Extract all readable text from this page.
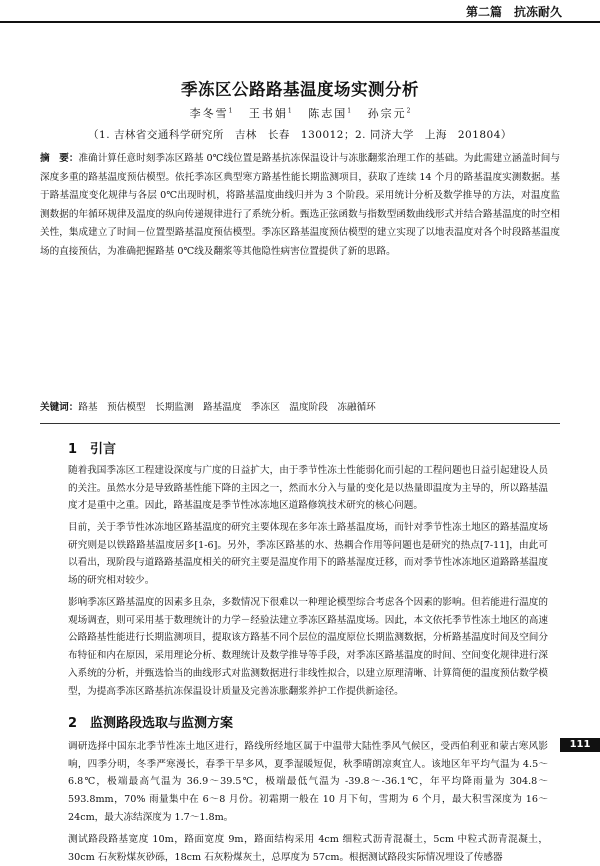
第二篇　抗冻耐久
季冻区公路路基温度场实测分析
李冬雪$^1$ 王书娟$^1$ 陈志国$^1$ 孙宗元$^2$
（1. 吉林省交通科学研究所　吉林　长春　130012；2. 同济大学　上海　201804）
摘　要：准确计算任意时刻季冻区路基 0℃线位置是路基抗冻保温设计与冻胀翻浆治理工作的基础。为此需建立涵盖时间与深度多重的路基温度预估模型。依托季冻区典型寒方路基性能长期监测项目，获取了连续 14 个月的路基温度实测数据。基于路基温度变化规律与各层 0℃出现时机，将路基温度曲线归并为 3 个阶段。采用统计分析及数学推导的方法，对温度监测数据的年循环规律及温度的纵向传递规律进行了系统分析。甄选正弦函数与指数型函数曲线形式并结合路基温度的时空相关性，集成建立了时间－位置型路基温度预估模型。季冻区路基温度预估模型的建立实现了以地表温度对各个时段路基温度场的直接预估，为准确把握路基 0℃线及翻浆等其他隐性病害位置提供了新的思路。
关键词：路基　预估模型　长期监测　路基温度　季冻区　温度阶段　冻融循环
1　引言
随着我国季冻区工程建设深度与广度的日益扩大，由于季节性冻土性能弱化而引起的工程问题也日益引起建设人员的关注。虽然水分是导致路基性能下降的主因之一，然而水分入与量的变化是以热量即温度为主导的，所以路基温度才是重中之重。因此，路基温度是季节性冰冻地区道路修筑技术研究的核心问题。
目前，关于季节性冰冻地区路基温度的研究主要体现在多年冻土路基温度场，而针对季节性冻土地区的路基温度场研究则是以铁路路基温度居多[1-6]。另外，季冻区路基的水、热耦合作用等问题也是研究的热点[7-11]，由此可以看出，现阶段与道路路基温度相关的研究主要是温度作用下的路基湿度迁移，而对季节性冰冻地区道路路基温度场的研究相对较少。
影响季冻区路基温度的因素多且杂，多数情况下很难以一种理论模型综合考虑各个因素的影响。但若能进行温度的观场调查，则可采用基于数理统计的力学－经验法建立季冻区路基温度场。因此，本文依托季节性冻土地区的高速公路路基性能进行长期监测项目，提取该方路基不同个层位的温度原位长期监测数据，分析路基温度时间及空间分布特征和内在原因，采用理论分析、数理统计及数学推导等手段，对季冻区路基温度的时间、空间变化规律进行深入系统的分析，并甄选恰当的曲线形式对监测数据进行非线性拟合，以建立原理清晰、计算简便的温度预估数学模型，为提高季冻区路基抗冻保温设计质量及完善冻胀翻浆养护工作提供新途径。
2　监测路段选取与监测方案
111
调研选择中国东北季节性冻土地区进行，路线所经地区属于中温带大陆性季风气候区，受西伯利亚和蒙古寒风影响，四季分明，冬季严寒漫长，春季干旱多风，夏季湿暖短促，秋季晴朗凉爽宜人。该地区年平均气温为 4.5～6.8℃，极端最高气温为 36.9～39.5℃，极端最低气温为 -39.8～-36.1℃，年平均降雨量为 304.8～593.8mm，70% 雨量集中在 6～8 月份。初霜期一般在 10 月下旬，雪期为 6 个月，最大积雪深度为 16～24cm，最大冻结深度为 1.7～1.8m。
测试路段路基宽度 10m，路面宽度 9m，路面结构采用 4cm 细粒式沥青混凝土，5cm 中粒式沥青混凝土，30cm 石灰粉煤灰砂砾，18cm 石灰粉煤灰土，总厚度为 57cm。根据测试路段实际情况埋设了传感器
